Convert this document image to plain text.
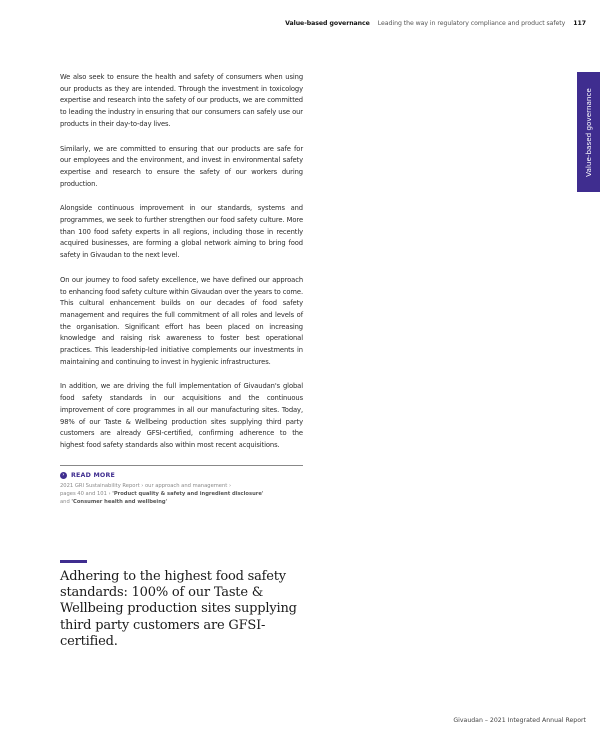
Value-based governance Leading the way in regulatory compliance and product safety 117
Value-based governance

We also seek to ensure the health and safety of consumers when using our products as they are intended. Through the investment in toxicology expertise and research into the safety of our products, we are committed to leading the industry in ensuring that our consumers can safely use our products in their day-to-day lives.

Similarly, we are committed to ensuring that our products are safe for our employees and the environment, and invest in environmental safety expertise and research to ensure the safety of our workers during production.

Alongside continuous improvement in our standards, systems and programmes, we seek to further strengthen our food safety culture. More than 100 food safety experts in all regions, including those in recently acquired businesses, are forming a global network aiming to bring food safety in Givaudan to the next level.

On our journey to food safety excellence, we have defined our approach to enhancing food safety culture within Givaudan over the years to come. This cultural enhancement builds on our decades of food safety management and requires the full commitment of all roles and levels of the organisation. Significant effort has been placed on increasing knowledge and raising risk awareness to foster best operational practices. This leadership-led initiative complements our investments in maintaining and continuing to invest in hygienic infrastructures.

In addition, we are driving the full implementation of Givaudan's global food safety standards in our acquisitions and the continuous improvement of core programmes in all our manufacturing sites. Today, 98% of our Taste & Wellbeing production sites supplying third party customers are already GFSI-certified, confirming adherence to the highest food safety standards also within most recent acquisitions.

›	READ MORE
2021 GRI Sustainability Report › our approach and management ›
pages 40 and 101 › 'Product quality & safety and ingredient disclosure'
and 'Consumer health and wellbeing'
Adhering to the highest food safety standards: 100% of our Taste & Wellbeing production sites supplying third party customers are GFSI-certified.
Givaudan – 2021 Integrated Annual Report
